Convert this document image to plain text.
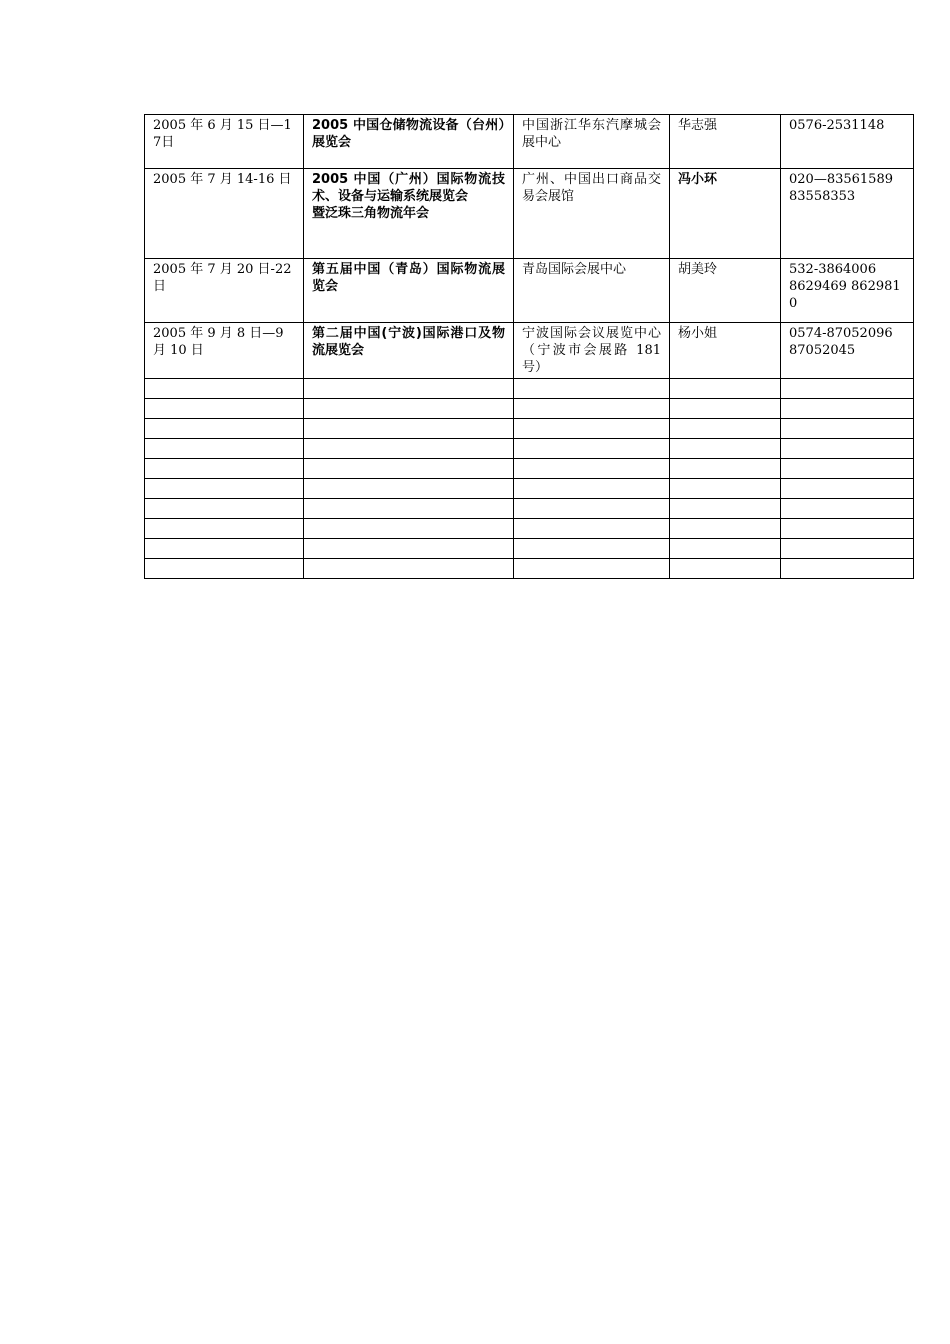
2005 年 6 月 15 日—17日	2005 中国仓储物流设备（台州）展览会	中国浙江华东汽摩城会展中心	华志强	0576-2531148

2005 年 7 月 14-16 日	2005 中国（广州）国际物流技术、设备与运输系统展览会
暨泛珠三角物流年会	广州、中国出口商品交易会展馆	冯小环	020—83561589
83558353

2005 年 7 月 20 日-22 日	第五届中国（青岛）国际物流展览会	青岛国际会展中心	胡美玲	532-3864006
8629469 8629810

2005 年 9 月 8 日—9 月 10 日	第二届中国(宁波)国际港口及物流展览会	宁波国际会议展览中心（宁波市会展路 181 号）	杨小姐	0574-87052096
87052045
